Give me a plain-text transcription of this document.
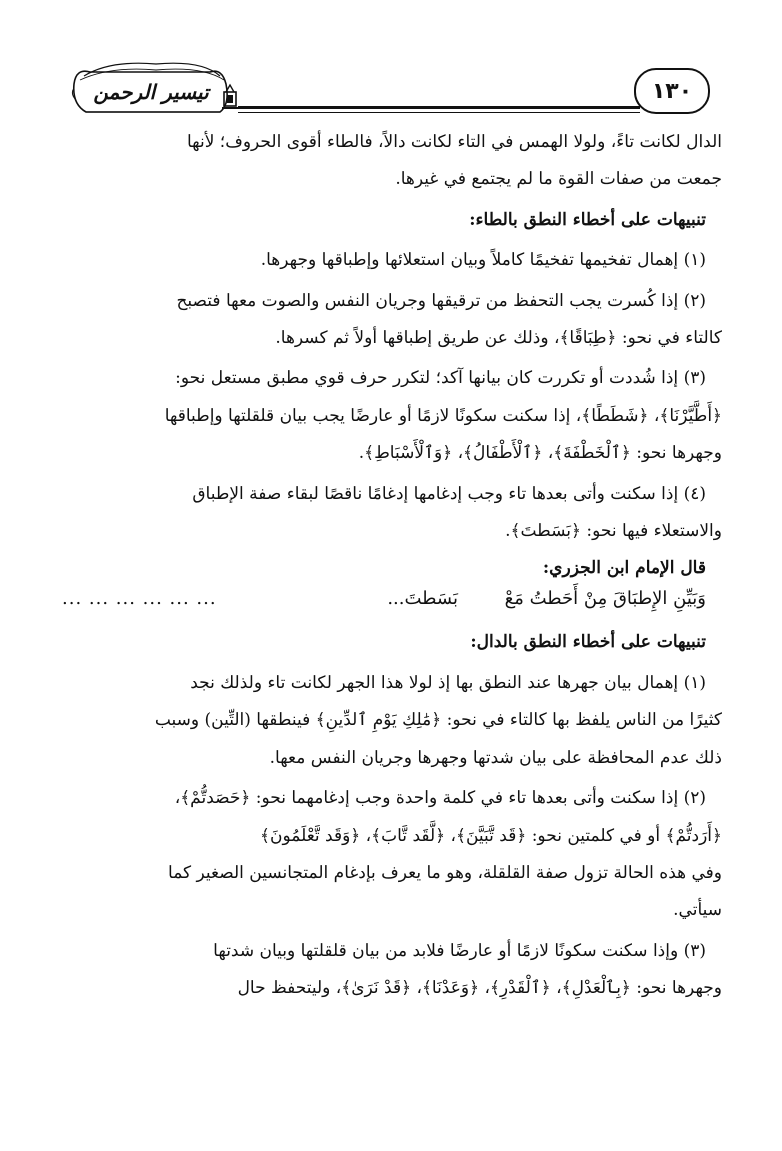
تيسير الرحمن	١٣٠

الدال لكانت تاءً، ولولا الهمس في التاء لكانت دالاً، فالطاء أقوى الحروف؛ لأنها

جمعت من صفات القوة ما لم يجتمع في غيرها.

تنبيهات على أخطاء النطق بالطاء:

(١) إهمال تفخيمها تفخيمًا كاملاً وبيان استعلائها وإطباقها وجهرها.

(٢) إذا كُسرت يجب التحفظ من ترقيقها وجريان النفس والصوت معها فتصبح

كالتاء في نحو: ﴿طِبَاقًا﴾، وذلك عن طريق إطباقها أولاً ثم كسرها.

(٣) إذا شُددت أو تكررت كان بيانها آكد؛ لتكرر حرف قوي مطبق مستعل نحو:

﴿أَطَّيَّرْنَا﴾، ﴿شَطَطًا﴾، إذا سكنت سكونًا لازمًا أو عارضًا يجب بيان قلقلتها وإطباقها

وجهرها نحو: ﴿ٱلْخَطْفَةَ﴾، ﴿ٱلْأَطْفَالُ﴾، ﴿وَٱلْأَسْبَاطِ﴾.

(٤) إذا سكنت وأتى بعدها تاء وجب إدغامها إدغامًا ناقصًا لبقاء صفة الإطباق

والاستعلاء فيها نحو: ﴿بَسَطتَ﴾.

قال الإمام ابن الجزري:
وَبَيِّنِ الإِطبَاقَ مِنْ أَحَطتُ مَعْ
بَسَطتَ...
... ... ... ... ... ...

تنبيهات على أخطاء النطق بالدال:

(١) إهمال بيان جهرها عند النطق بها إذ لولا هذا الجهر لكانت تاء ولذلك نجد

كثيرًا من الناس يلفظ بها كالتاء في نحو: ﴿مَٰلِكِ يَوْمِ ٱلدِّينِ﴾ فينطقها (التِّين) وسبب

ذلك عدم المحافظة على بيان شدتها وجهرها وجريان النفس معها.

(٢) إذا سكنت وأتى بعدها تاء في كلمة واحدة وجب إدغامهما نحو: ﴿حَصَدتُّمْ﴾،

﴿أَرَدتُّمْ﴾ أو في كلمتين نحو: ﴿قَد تَّبَيَّنَ﴾، ﴿لَّقَد تَّابَ﴾، ﴿وَقَد تَّعْلَمُونَ﴾

وفي هذه الحالة تزول صفة القلقلة، وهو ما يعرف بإدغام المتجانسين الصغير كما

سيأتي.

(٣) وإذا سكنت سكونًا لازمًا أو عارضًا فلابد من بيان قلقلتها وبيان شدتها

وجهرها نحو: ﴿بِٱلْعَدْلِ﴾، ﴿ٱلْقَدْرِ﴾، ﴿وَعَدْنَا﴾، ﴿قَدْ نَرَىٰ﴾، وليتحفظ حال
